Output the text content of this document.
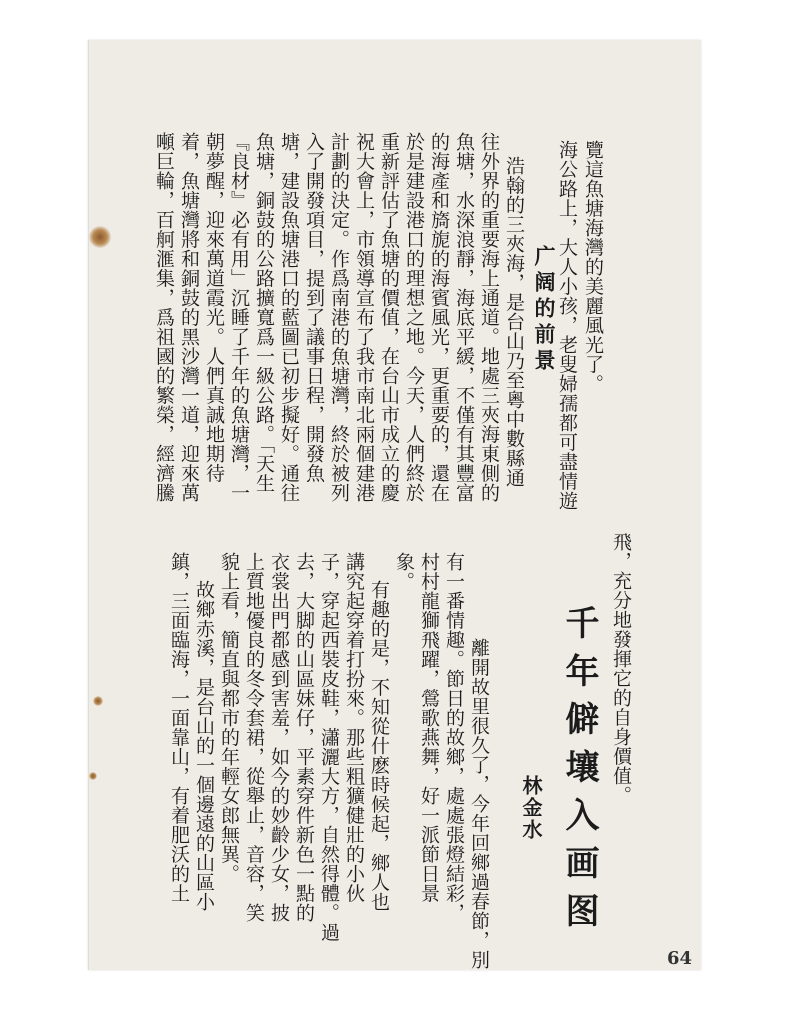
覽這魚塘海灣的美麗風光了。
海公路上，大人小孩，老叟婦孺都可盡情遊
广阔的前景
浩翰的三夾海，是台山乃至粵中數縣通
往外界的重要海上通道。地處三夾海東側的
魚塘，水深浪靜，海底平緩，不僅有其豐富
的海產和旖旎的海賓風光，更重要的，還在
於是建設港口的理想之地。今天，人們終於
重新評估了魚塘的價值，在台山市成立的慶
祝大會上，市領導宣布了我市南北兩個建港
計劃的決定。作爲南港的魚塘灣，終於被列
入了開發項目，提到了議事日程，開發魚
塘，建設魚塘港口的藍圖已初步擬好。通往
魚塘，銅鼓的公路擴寬爲一級公路。「天生
『良材』必有用」沉睡了千年的魚塘灣，一
朝夢醒，迎來萬道霞光。人們真誠地期待
着，魚塘灣將和銅鼓的黑沙灣一道，迎來萬
噸巨輪，百舸滙集，爲祖國的繁榮，經濟騰
飛，充分地發揮它的自身價值。
千年僻壤入画图
林金水
離開故里很久了，今年回鄉過春節，別
有一番情趣。節日的故鄉，處處張燈結彩，
村村龍獅飛躍，鶯歌燕舞，好一派節日景
象。
有趣的是，不知從什麽時候起，鄉人也
講究起穿着打扮來。那些粗獷健壯的小伙
子，穿起西裝皮鞋，瀟灑大方，自然得體。過
去，大脚的山區妹仔，平素穿件新色一點的
衣裳出門都感到害羞，如今的妙齡少女，披
上質地優良的冬令套裙，從舉止，音容，笑
貌上看，簡直與都市的年輕女郎無異。
故鄉赤溪，是台山的一個邊遠的山區小
鎮，三面臨海，一面靠山，有着肥沃的土
64
